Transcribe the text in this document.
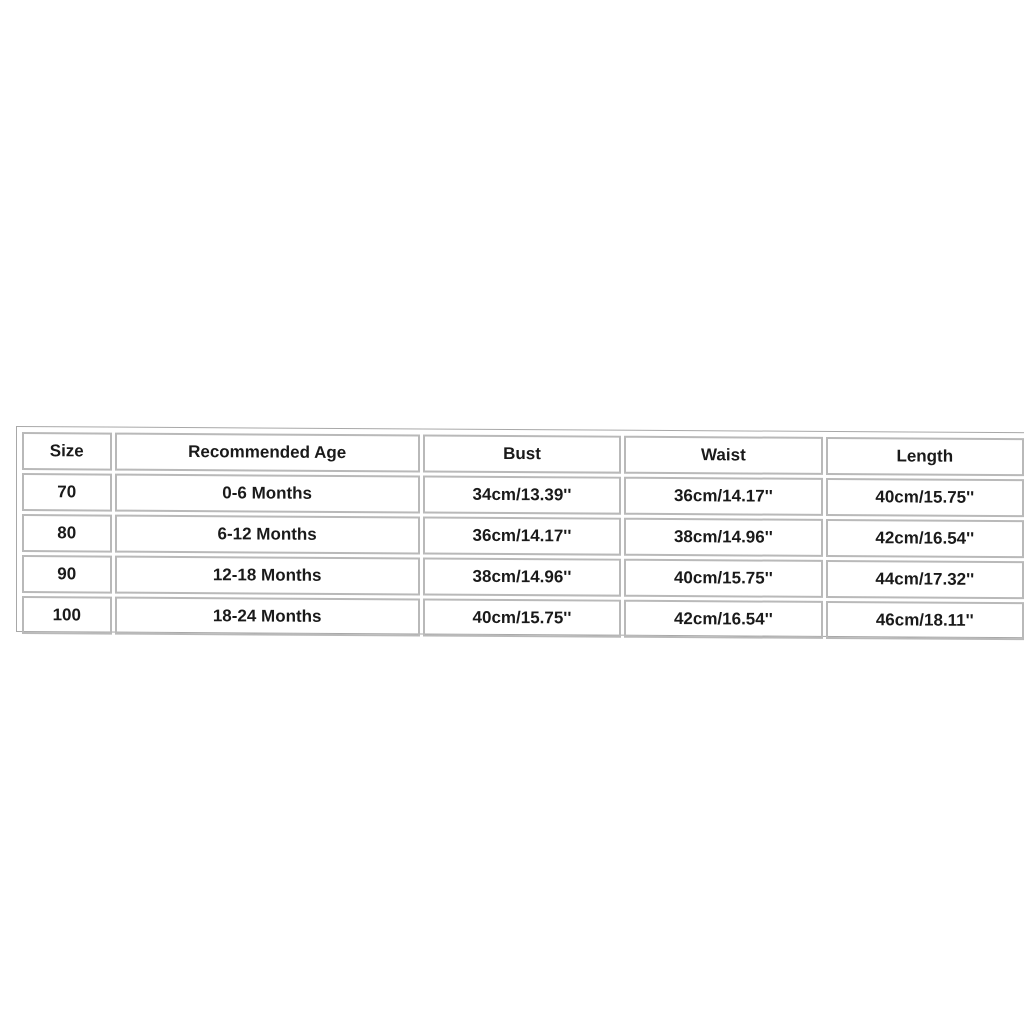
Size	Recommended Age	Bust	Waist	Length
70	0-6 Months	34cm/13.39''	36cm/14.17''	40cm/15.75''
80	6-12 Months	36cm/14.17''	38cm/14.96''	42cm/16.54''
90	12-18 Months	38cm/14.96''	40cm/15.75''	44cm/17.32''
100	18-24 Months	40cm/15.75''	42cm/16.54''	46cm/18.11''
